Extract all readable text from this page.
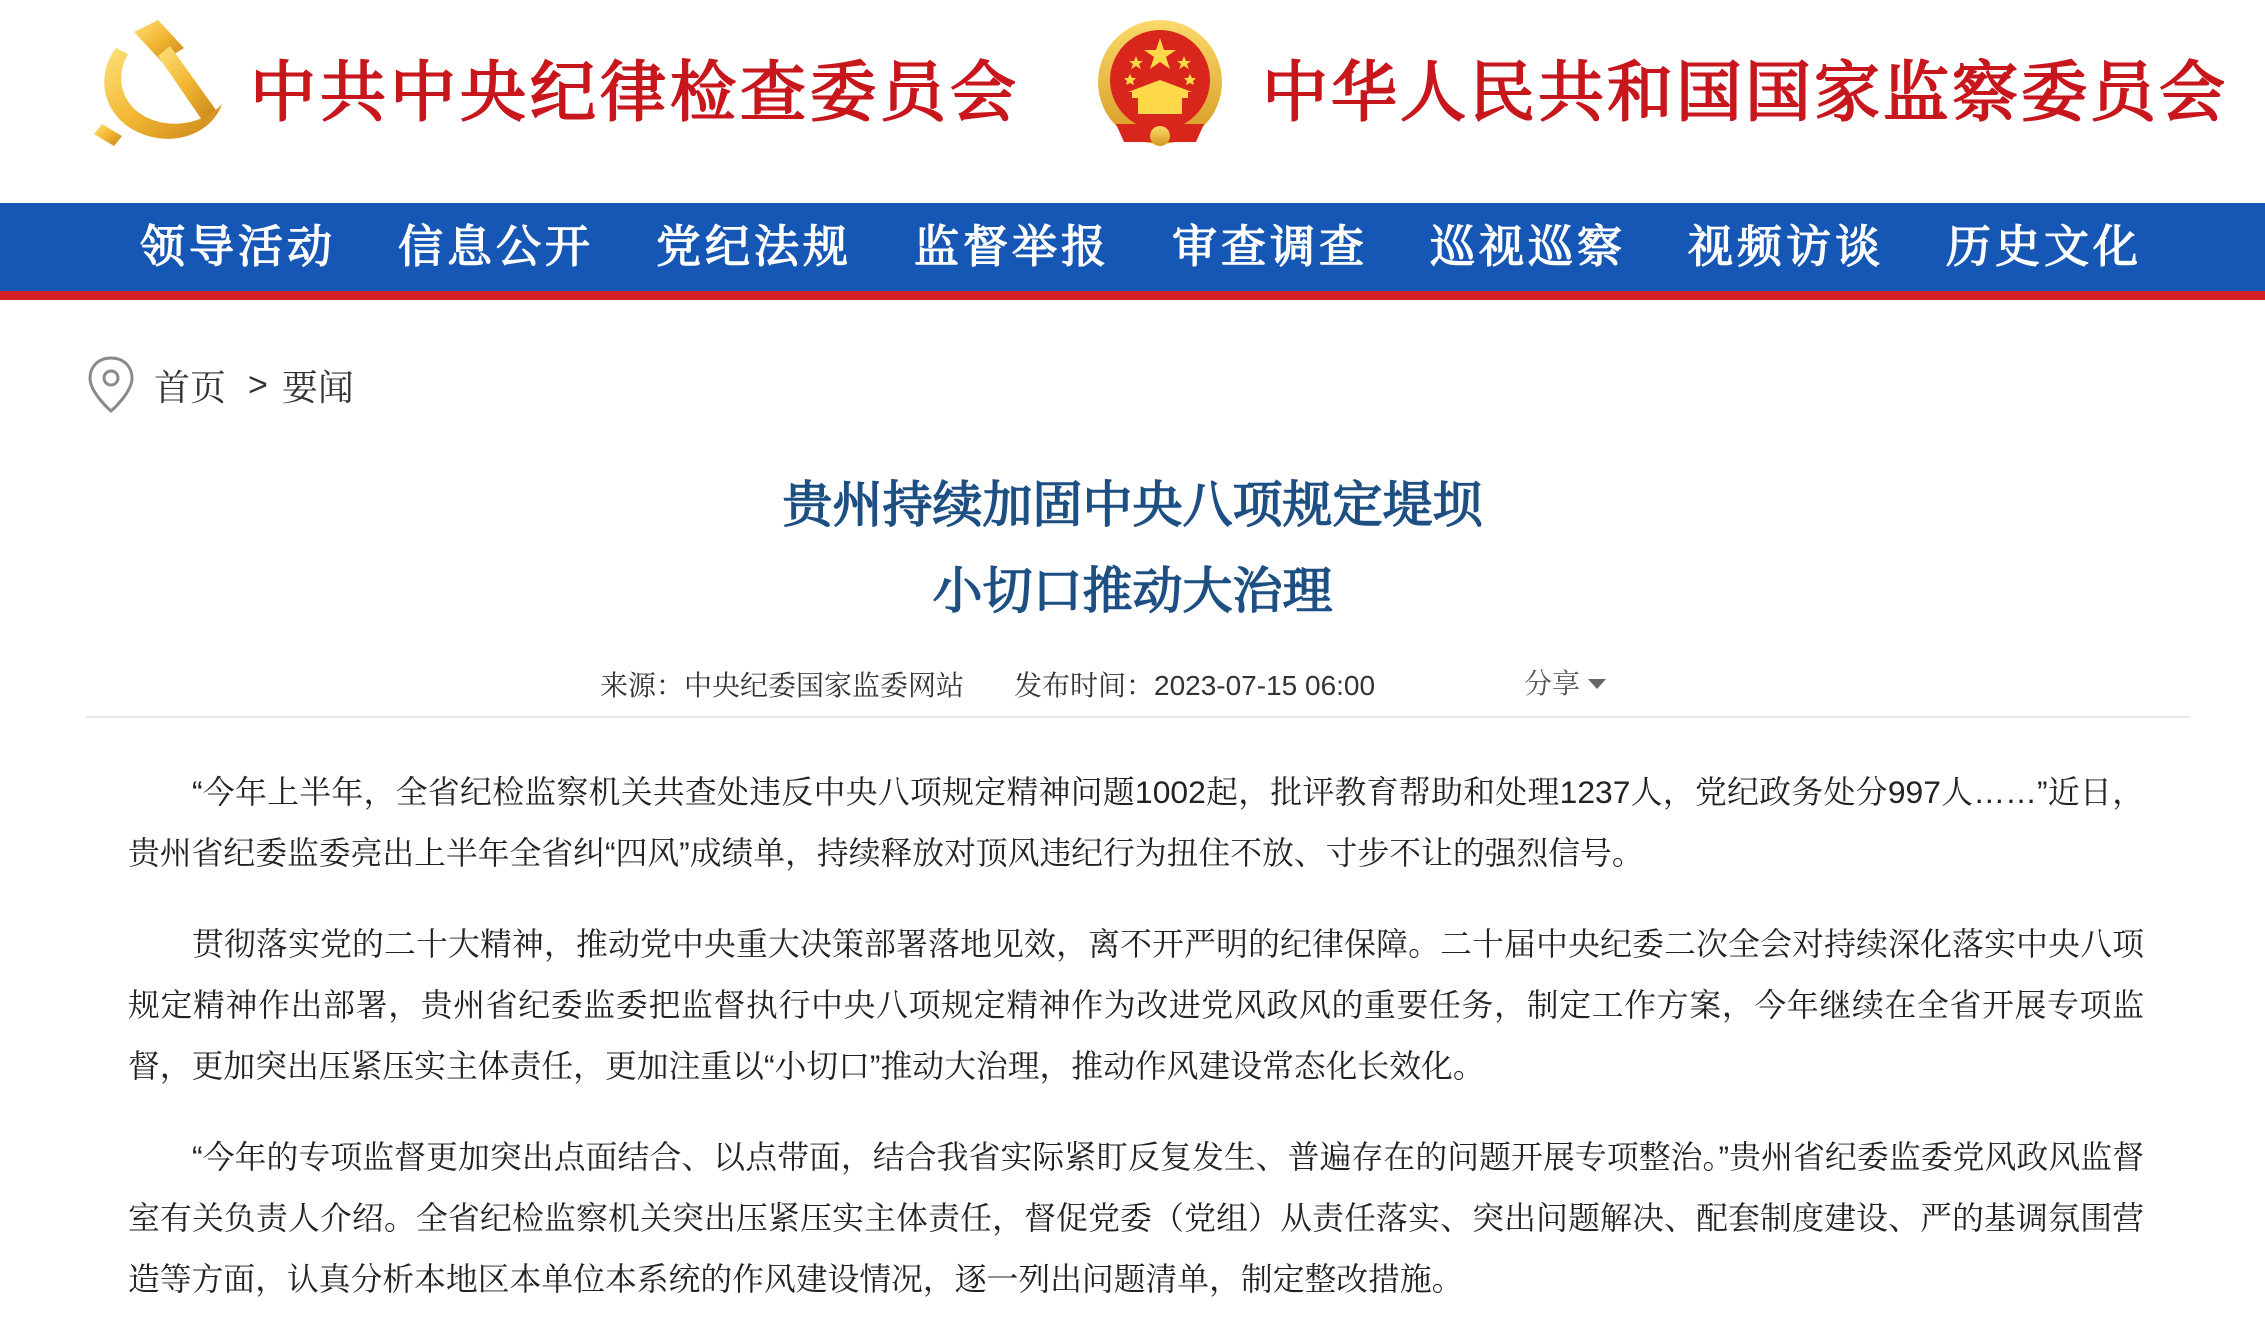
中共中央纪律检查委员会	中华人民共和国国家监察委员会
领导活动	信息公开	党纪法规	监督举报	审查调查	巡视巡察	视频访谈	历史文化
首页 > 要闻
贵州持续加固中央八项规定堤坝
小切口推动大治理
来源：中央纪委国家监委网站 发布时间：2023-07-15 06:00	分享

“今年上半年，全省纪检监察机关共查处违反中央八项规定精神问题1002起，批评教育帮助和处理1237人，党纪政务处分997人……”近日，贵州省纪委监委亮出上半年全省纠“四风”成绩单，持续释放对顶风违纪行为扭住不放、寸步不让的强烈信号。

贯彻落实党的二十大精神，推动党中央重大决策部署落地见效，离不开严明的纪律保障。二十届中央纪委二次全会对持续深化落实中央八项规定精神作出部署，贵州省纪委监委把监督执行中央八项规定精神作为改进党风政风的重要任务，制定工作方案，今年继续在全省开展专项监督，更加突出压紧压实主体责任，更加注重以“小切口”推动大治理，推动作风建设常态化长效化。

“今年的专项监督更加突出点面结合、以点带面，结合我省实际紧盯反复发生、普遍存在的问题开展专项整治。”贵州省纪委监委党风政风监督室有关负责人介绍。全省纪检监察机关突出压紧压实主体责任，督促党委（党组）从责任落实、突出问题解决、配套制度建设、严的基调氛围营造等方面，认真分析本地区本单位本系统的作风建设情况，逐一列出问题清单，制定整改措施。
